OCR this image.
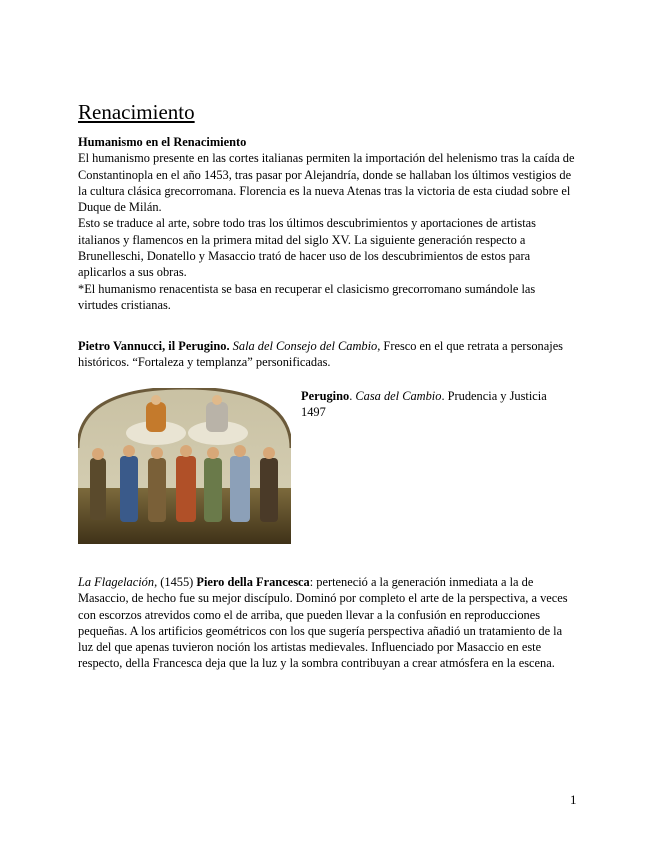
Renacimiento

Humanismo en el Renacimiento

El humanismo presente en las cortes italianas permiten la importación del helenismo tras la caída de Constantinopla en el año 1453, tras pasar por Alejandría, donde se hallaban los últimos vestigios de la cultura clásica grecorromana. Florencia es la nueva Atenas tras la victoria de esta ciudad sobre el Duque de Milán.

Esto se traduce al arte, sobre todo tras los últimos descubrimientos y aportaciones de artistas italianos y flamencos en la primera mitad del siglo XV. La siguiente generación respecto a Brunelleschi, Donatello y Masaccio trató de hacer uso de los descubrimientos de estos para aplicarlos a sus obras.

*El humanismo renacentista se basa en recuperar el clasicismo grecorromano sumándole las virtudes cristianas.

Pietro Vannucci, il Perugino. Sala del Consejo del Cambio, Fresco en el que retrata a personajes históricos. “Fortaleza y templanza” personificadas.

Perugino. Casa del Cambio. Prudencia y Justicia

1497

La Flagelación, (1455) Piero della Francesca: perteneció a la generación inmediata a la de Masaccio, de hecho fue su mejor discípulo. Dominó por completo el arte de la perspectiva, a veces con escorzos atrevidos como el de arriba, que pueden llevar a la confusión en reproducciones pequeñas. A los artificios geométricos con los que sugería perspectiva añadió un tratamiento de la luz del que apenas tuvieron noción los artistas medievales. Influenciado por Masaccio en este respecto, della Francesca deja que la luz y la sombra contribuyan a crear atmósfera en la escena.

1
